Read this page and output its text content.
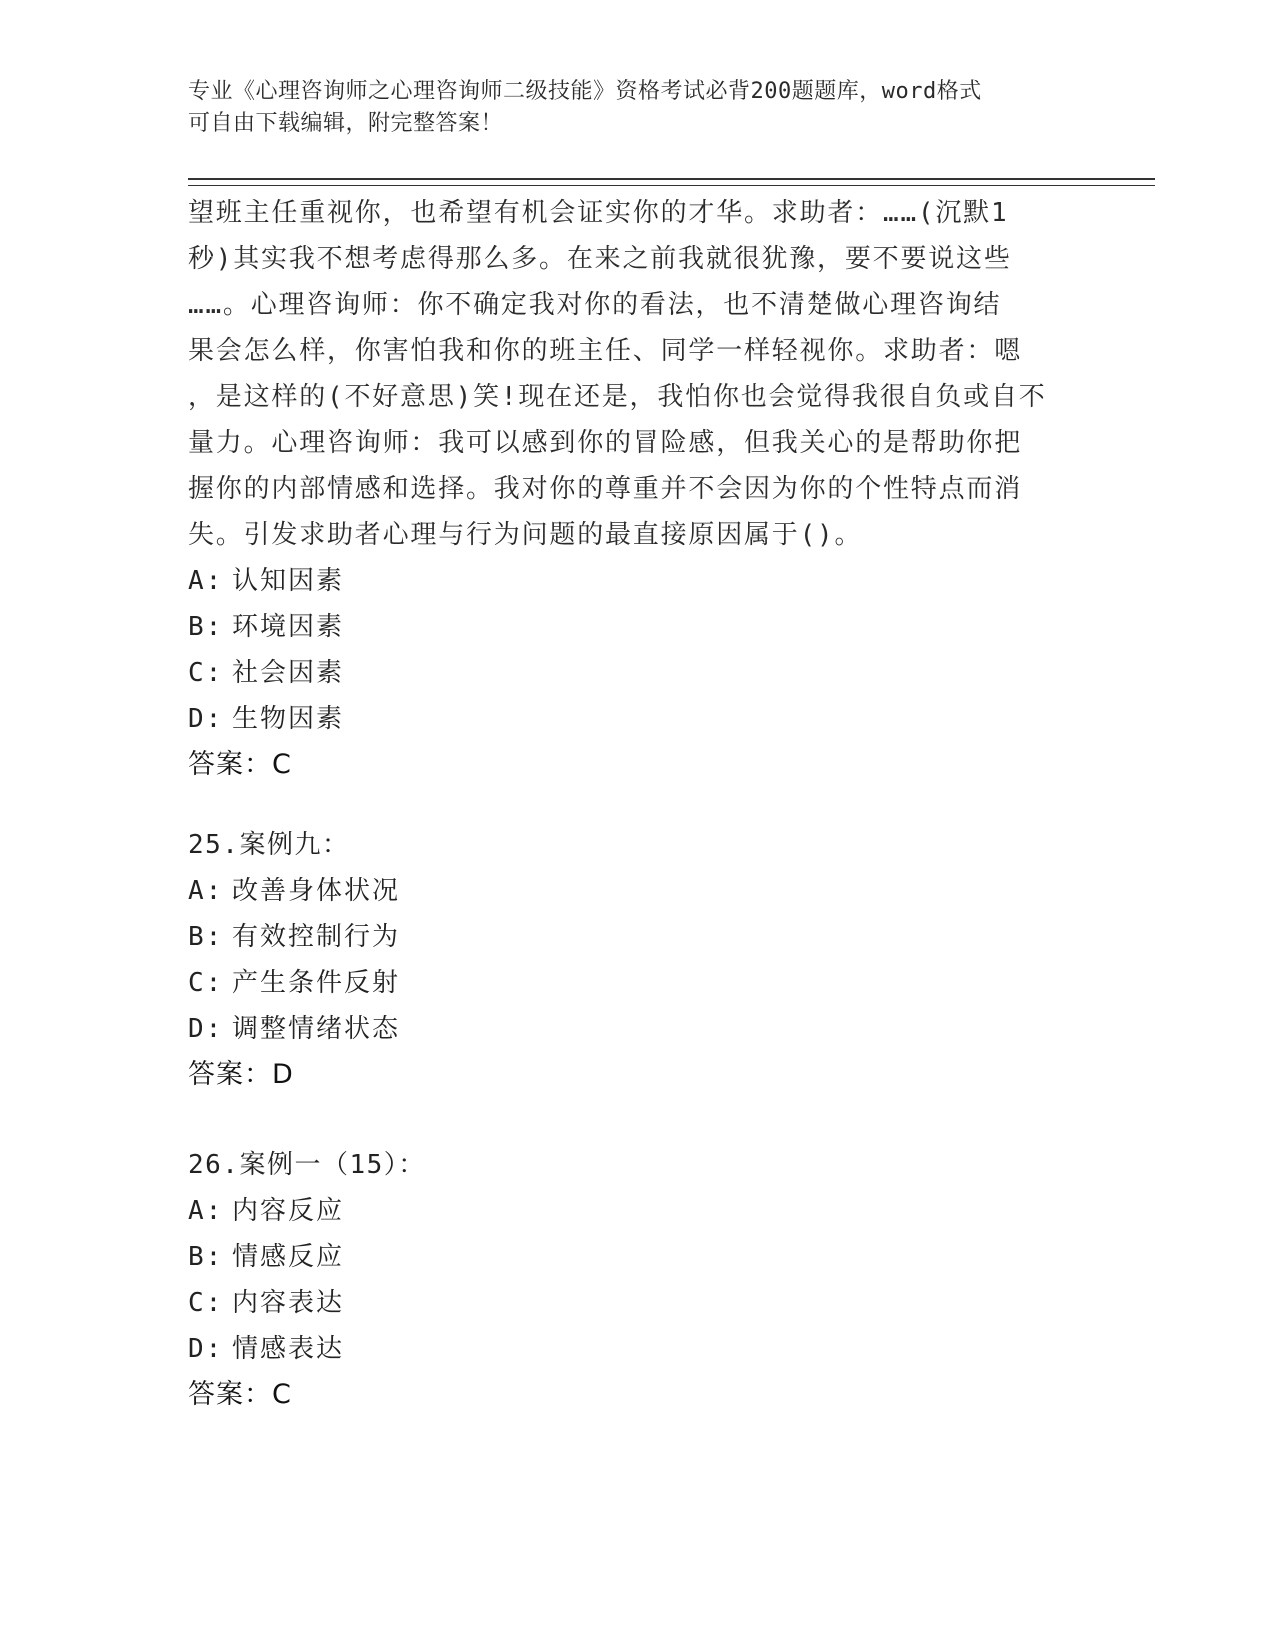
专业《心理咨询师之心理咨询师二级技能》资格考试必背200题题库，word格式
可自由下载编辑，附完整答案！
望班主任重视你，也希望有机会证实你的才华。求助者：……(沉默1
秒)其实我不想考虑得那么多。在来之前我就很犹豫，要不要说这些
……。心理咨询师：你不确定我对你的看法，也不清楚做心理咨询结
果会怎么样，你害怕我和你的班主任、同学一样轻视你。求助者：嗯
，是这样的(不好意思)笑!现在还是，我怕你也会觉得我很自负或自不
量力。心理咨询师：我可以感到你的冒险感，但我关心的是帮助你把
握你的内部情感和选择。我对你的尊重并不会因为你的个性特点而消
失。引发求助者心理与行为问题的最直接原因属于()。
A: 认知因素
B: 环境因素
C: 社会因素
D: 生物因素
答案：C
25.案例九：
A: 改善身体状况
B: 有效控制行为
C: 产生条件反射
D: 调整情绪状态
答案：D
26.案例一（15）：
A: 内容反应
B: 情感反应
C: 内容表达
D: 情感表达
答案：C
